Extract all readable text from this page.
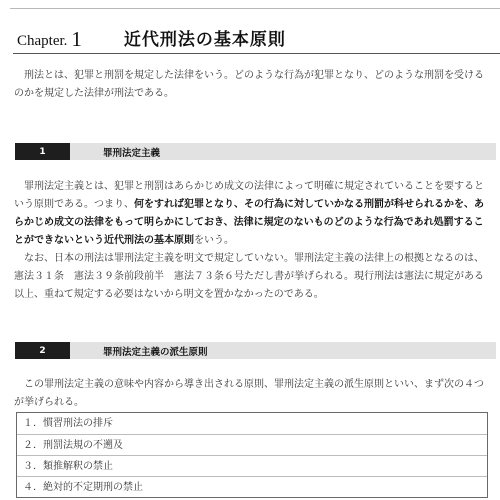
Chapter. 1 近代刑法の基本原則

刑法とは、犯罪と刑罰を規定した法律をいう。どのような行為が犯罪となり、どのような刑罰を受けるのかを規定した法律が刑法である。

1	罪刑法定主義

罪刑法定主義とは、犯罪と刑罰はあらかじめ成文の法律によって明確に規定されていることを要するという原則である。つまり、何をすれば犯罪となり、その行為に対していかなる刑罰が科せられるかを、あらかじめ成文の法律をもって明らかにしておき、法律に規定のないものどのような行為であれ処罰することができないという近代刑法の基本原則をいう。

なお、日本の刑法は罪刑法定主義を明文で規定していない。罪刑法定主義の法律上の根拠となるのは、憲法３１条　憲法３９条前段前半　憲法７３条６号ただし書が挙げられる。現行刑法は憲法に規定がある以上、重ねて規定する必要はないから明文を置かなかったのである。

2	罪刑法定主義の派生原則

この罪刑法定主義の意味や内容から導き出される原則、罪刑法定主義の派生原則といい、まず次の４つが挙げられる。

１．慣習刑法の排斥
２．刑罰法規の不遡及
３．類推解釈の禁止
４．絶対的不定期刑の禁止
